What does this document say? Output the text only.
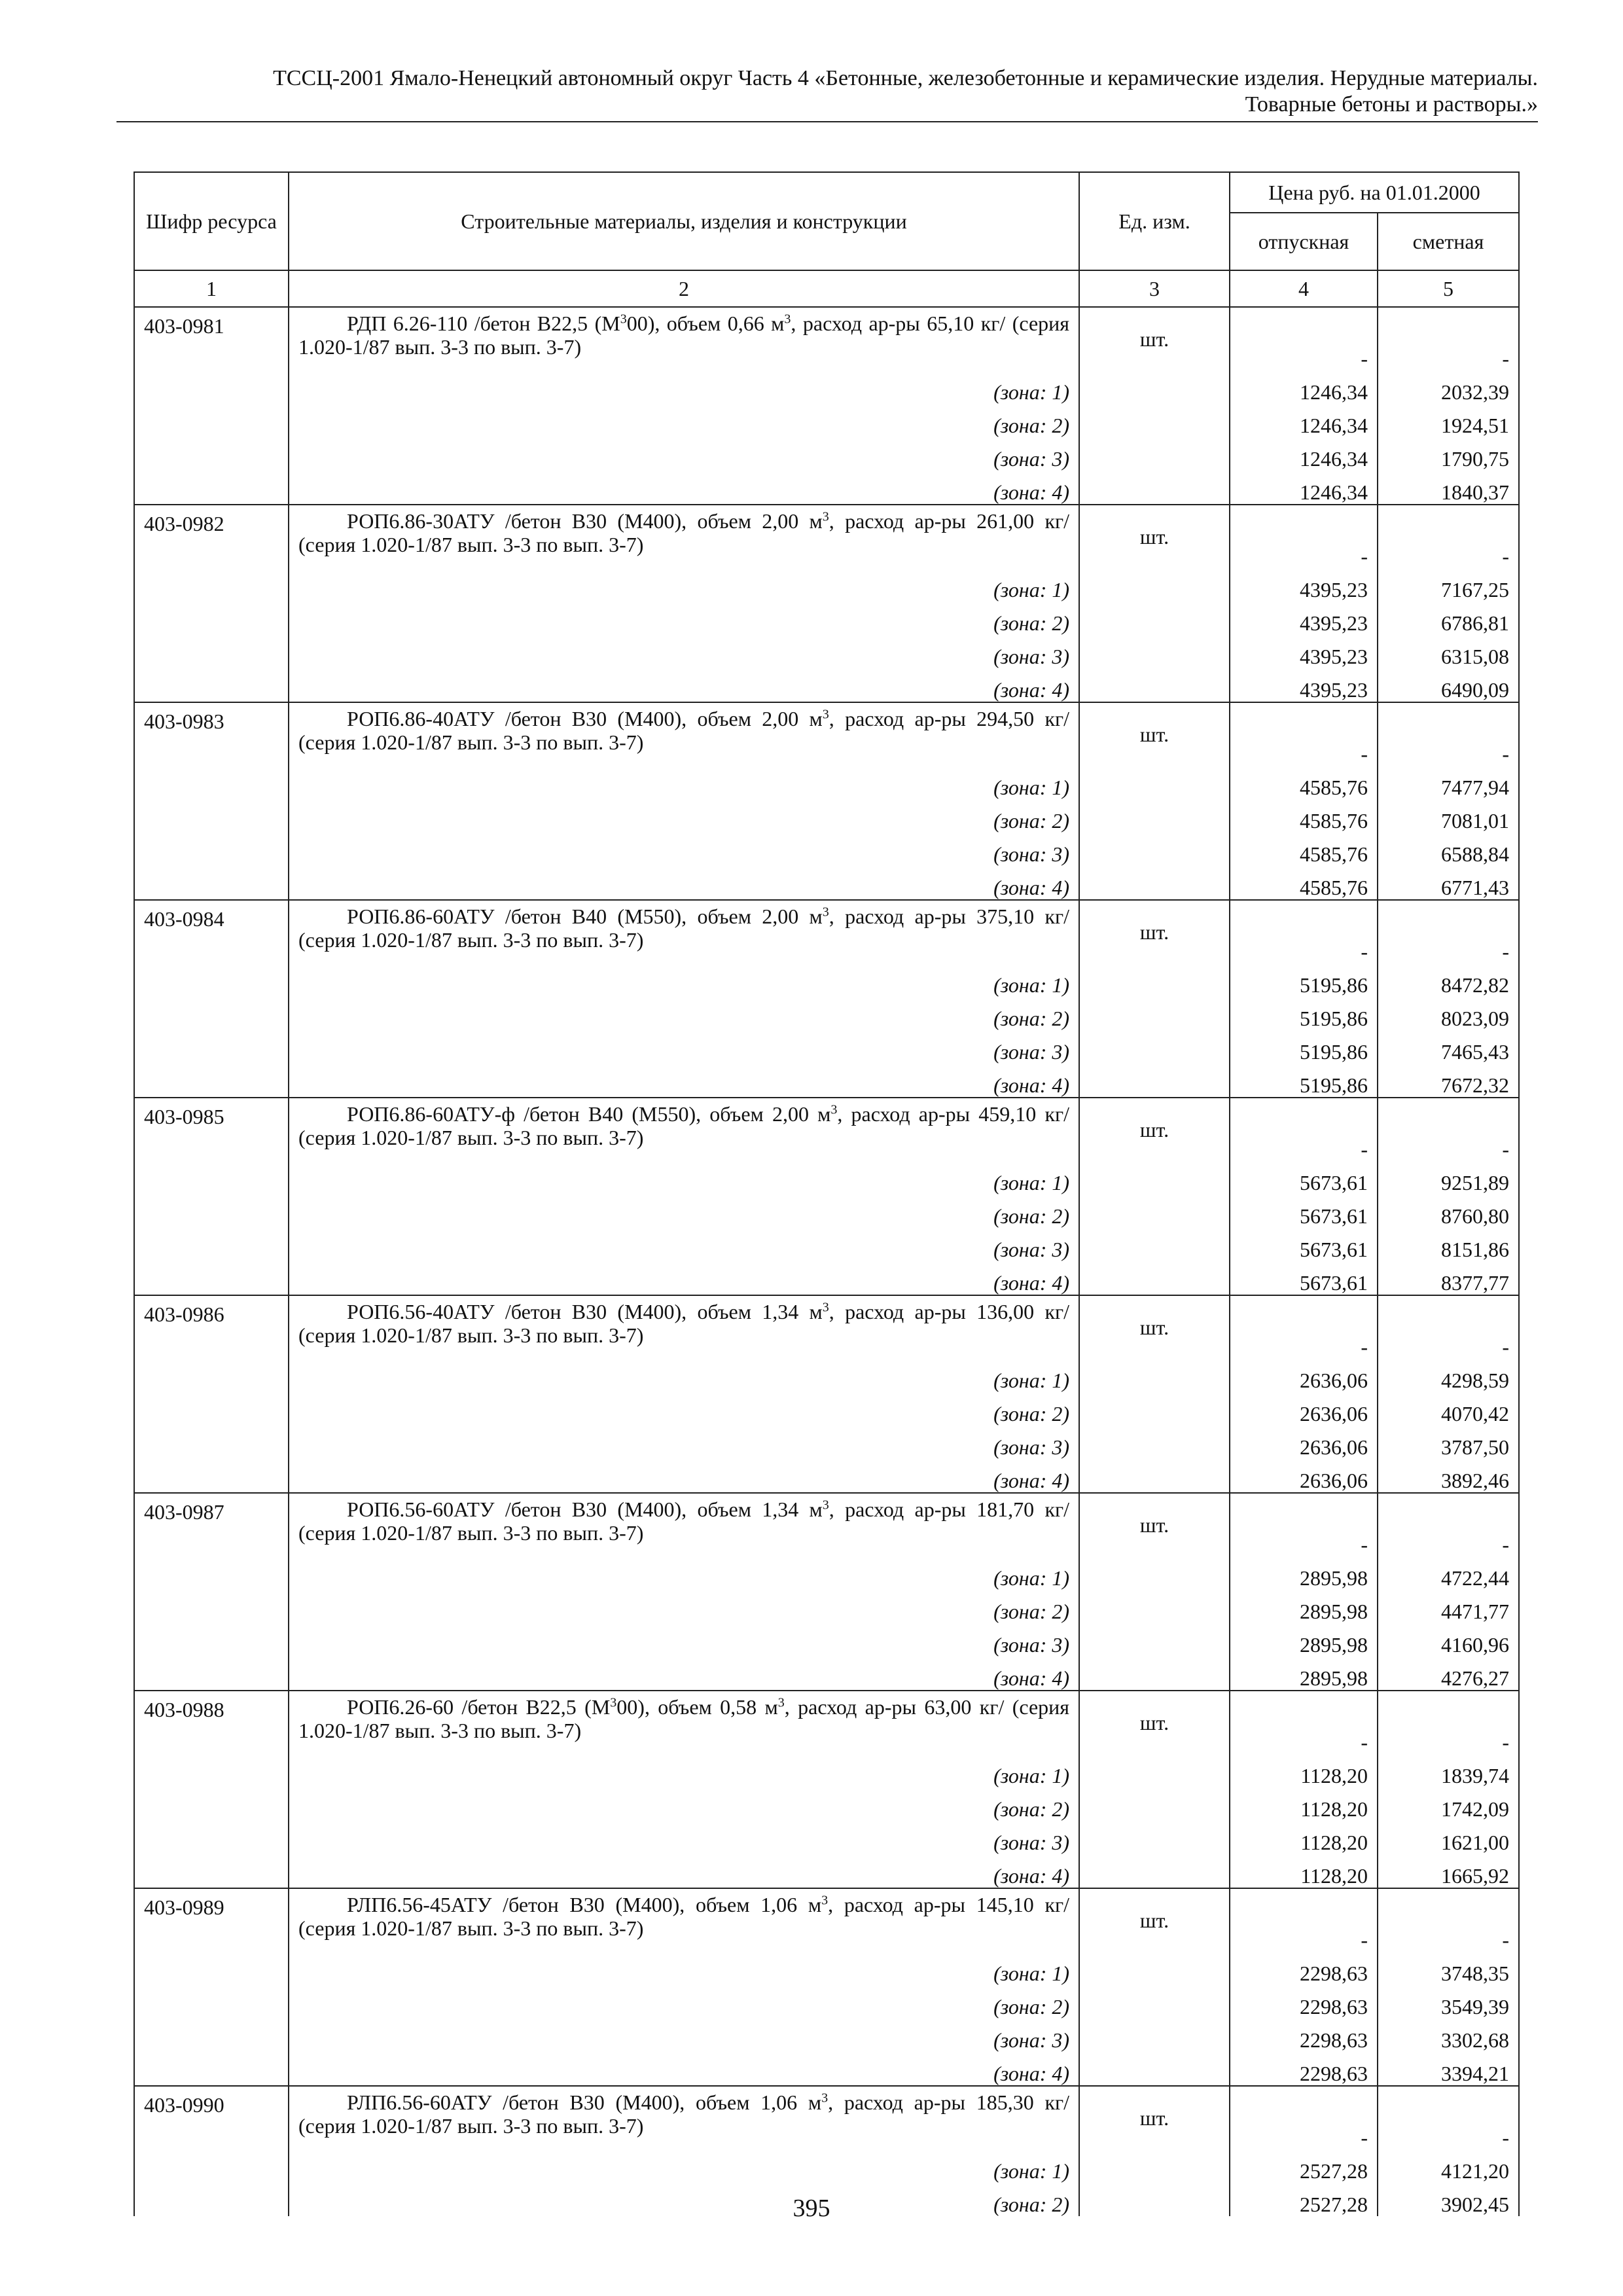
ТССЦ-2001 Ямало-Ненецкий автономный округ Часть 4 «Бетонные, железобетонные и керамические изделия. Нерудные материалы.
Товарные бетоны и растворы.»
Шифр ресурса	Строительные материалы, изделия и конструкции	Ед. изм.	Цена руб. на 01.01.2000	
			отпускная	сметная
1	2	3	4	5
403-0981	РДП 6.26-110 /бетон В22,5 $(М^300)$, объем 0,66 $м^3$, расход ар-ры 65,10 кг/ (серия 1.020-1/87 вып. 3-3 по вып. 3-7)	шт.	-	-
	(зона: 1)		1246,34	2032,39
	(зона: 2)		1246,34	1924,51
	(зона: 3)		1246,34	1790,75
	(зона: 4)		1246,34	1840,37
403-0982	РОП6.86-30АТУ /бетон В30 (М400), объем 2,00 $м^3$, расход ар-ры 261,00 кг/ (серия 1.020-1/87 вып. 3-3 по вып. 3-7)	шт.	-	-
	(зона: 1)		4395,23	7167,25
	(зона: 2)		4395,23	6786,81
	(зона: 3)		4395,23	6315,08
	(зона: 4)		4395,23	6490,09
403-0983	РОП6.86-40АТУ /бетон В30 (М400), объем 2,00 $м^3$, расход ар-ры 294,50 кг/ (серия 1.020-1/87 вып. 3-3 по вып. 3-7)	шт.	-	-
	(зона: 1)		4585,76	7477,94
	(зона: 2)		4585,76	7081,01
	(зона: 3)		4585,76	6588,84
	(зона: 4)		4585,76	6771,43
403-0984	РОП6.86-60АТУ /бетон В40 (М550), объем 2,00 $м^3$, расход ар-ры 375,10 кг/ (серия 1.020-1/87 вып. 3-3 по вып. 3-7)	шт.	-	-
	(зона: 1)		5195,86	8472,82
	(зона: 2)		5195,86	8023,09
	(зона: 3)		5195,86	7465,43
	(зона: 4)		5195,86	7672,32
403-0985	РОП6.86-60АТУ-ф /бетон В40 (М550), объем 2,00 $м^3$, расход ар-ры 459,10 кг/ (серия 1.020-1/87 вып. 3-3 по вып. 3-7)	шт.	-	-
	(зона: 1)		5673,61	9251,89
	(зона: 2)		5673,61	8760,80
	(зона: 3)		5673,61	8151,86
	(зона: 4)		5673,61	8377,77
403-0986	РОП6.56-40АТУ /бетон В30 (М400), объем 1,34 $м^3$, расход ар-ры 136,00 кг/ (серия 1.020-1/87 вып. 3-3 по вып. 3-7)	шт.	-	-
	(зона: 1)		2636,06	4298,59
	(зона: 2)		2636,06	4070,42
	(зона: 3)		2636,06	3787,50
	(зона: 4)		2636,06	3892,46
403-0987	РОП6.56-60АТУ /бетон В30 (М400), объем 1,34 $м^3$, расход ар-ры 181,70 кг/ (серия 1.020-1/87 вып. 3-3 по вып. 3-7)	шт.	-	-
	(зона: 1)		2895,98	4722,44
	(зона: 2)		2895,98	4471,77
	(зона: 3)		2895,98	4160,96
	(зона: 4)		2895,98	4276,27
403-0988	РОП6.26-60 /бетон В22,5 $(М^300)$, объем 0,58 $м^3$, расход ар-ры 63,00 кг/ (серия 1.020-1/87 вып. 3-3 по вып. 3-7)	шт.	-	-
	(зона: 1)		1128,20	1839,74
	(зона: 2)		1128,20	1742,09
	(зона: 3)		1128,20	1621,00
	(зона: 4)		1128,20	1665,92
403-0989	РЛП6.56-45АТУ /бетон В30 (М400), объем 1,06 $м^3$, расход ар-ры 145,10 кг/ (серия 1.020-1/87 вып. 3-3 по вып. 3-7)	шт.	-	-
	(зона: 1)		2298,63	3748,35
	(зона: 2)		2298,63	3549,39
	(зона: 3)		2298,63	3302,68
	(зона: 4)		2298,63	3394,21
403-0990	РЛП6.56-60АТУ /бетон В30 (М400), объем 1,06 $м^3$, расход ар-ры 185,30 кг/ (серия 1.020-1/87 вып. 3-3 по вып. 3-7)	шт.	-	-
	(зона: 1)		2527,28	4121,20
	(зона: 2)		2527,28	3902,45
395
